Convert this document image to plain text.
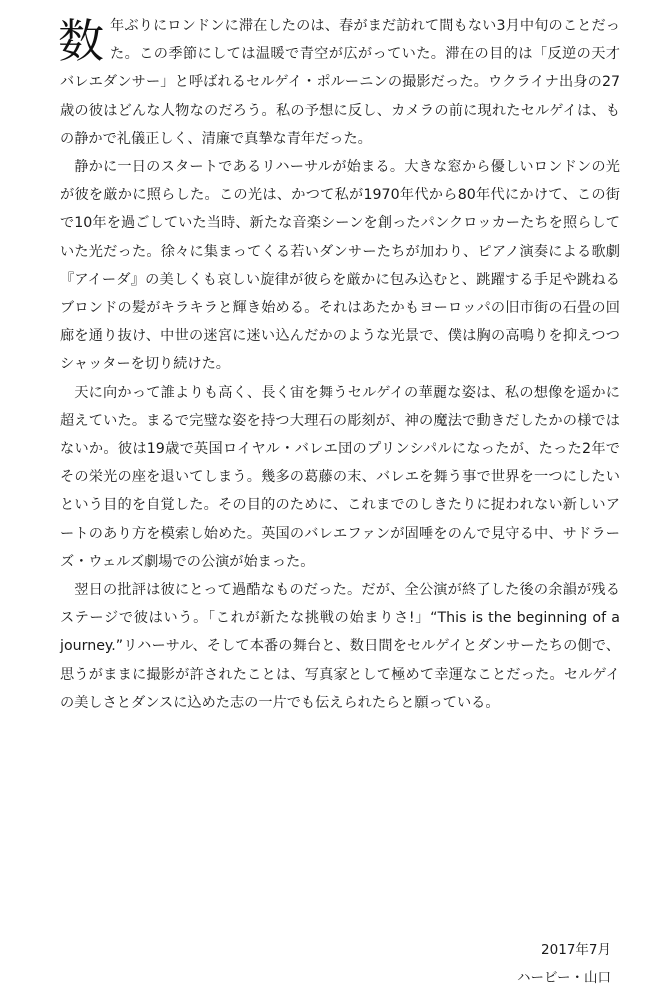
数年ぶりにロンドンに滞在したのは、春がまだ訪れて間もない3月中旬のことだった。この季節にしては温暖で青空が広がっていた。滞在の目的は「反逆の天才バレエダンサー」と呼ばれるセルゲイ・ポルーニンの撮影だった。ウクライナ出身の27歳の彼はどんな人物なのだろう。私の予想に反し、カメラの前に現れたセルゲイは、もの静かで礼儀正しく、清廉で真摯な青年だった。

静かに一日のスタートであるリハーサルが始まる。大きな窓から優しいロンドンの光が彼を厳かに照らした。この光は、かつて私が1970年代から80年代にかけて、この街で10年を過ごしていた当時、新たな音楽シーンを創ったパンクロッカーたちを照らしていた光だった。徐々に集まってくる若いダンサーたちが加わり、ピアノ演奏による歌劇『アイーダ』の美しくも哀しい旋律が彼らを厳かに包み込むと、跳躍する手足や跳ねるブロンドの髪がキラキラと輝き始める。それはあたかもヨーロッパの旧市街の石畳の回廊を通り抜け、中世の迷宮に迷い込んだかのような光景で、僕は胸の高鳴りを抑えつつシャッターを切り続けた。

天に向かって誰よりも高く、長く宙を舞うセルゲイの華麗な姿は、私の想像を遥かに超えていた。まるで完璧な姿を持つ大理石の彫刻が、神の魔法で動きだしたかの様ではないか。彼は19歳で英国ロイヤル・バレエ団のプリンシパルになったが、たった2年でその栄光の座を退いてしまう。幾多の葛藤の末、バレエを舞う事で世界を一つにしたいという目的を自覚した。その目的のために、これまでのしきたりに捉われない新しいアートのあり方を模索し始めた。英国のバレエファンが固唾をのんで見守る中、サドラーズ・ウェルズ劇場での公演が始まった。

翌日の批評は彼にとって過酷なものだった。だが、全公演が終了した後の余韻が残るステージで彼はいう。「これが新たな挑戦の始まりさ!」“This is the beginning of a journey.”リハーサル、そして本番の舞台と、数日間をセルゲイとダンサーたちの側で、思うがままに撮影が許されたことは、写真家として極めて幸運なことだった。セルゲイの美しさとダンスに込めた志の一片でも伝えられたらと願っている。

2017年7月
ハービー・山口
